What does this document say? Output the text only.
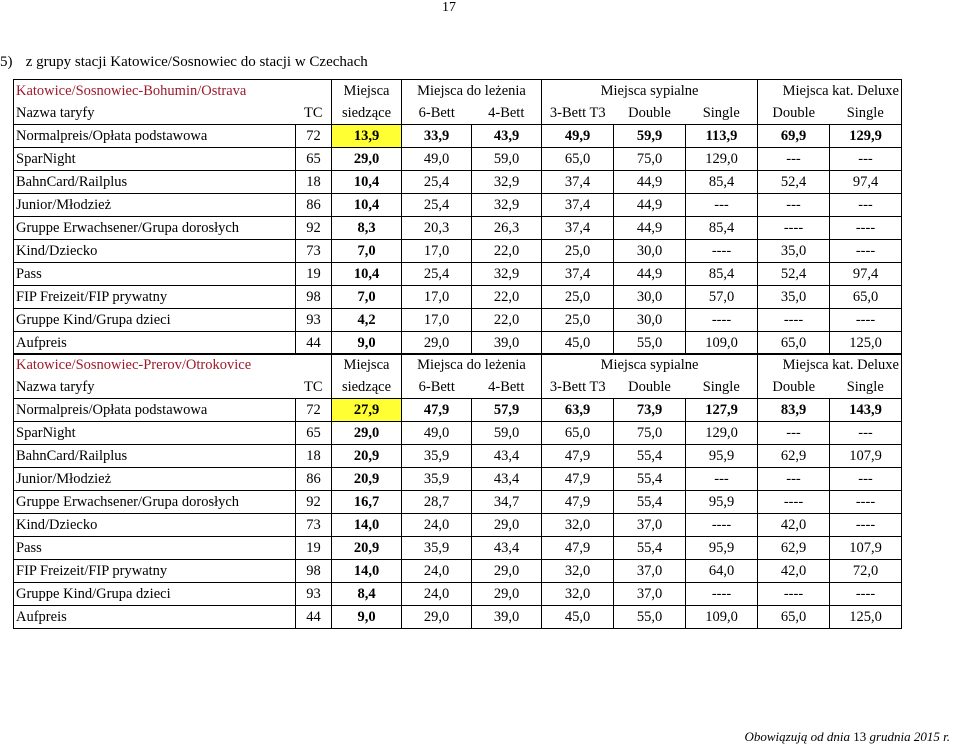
17
5) z grupy stacji Katowice/Sosnowiec do stacji w Czechach
Katowice/Sosnowiec-Bohumin/Ostrava		Miejsca	Miejsca do leżenia		Miejsca sypialne			Miejsca kat. Deluxe	
Nazwa taryfy	TC	siedzące	6-Bett	4-Bett	3-Bett T3	Double	Single	Double	Single
Normalpreis/Opłata podstawowa	72	13,9	33,9	43,9	49,9	59,9	113,9	69,9	129,9
SparNight	65	29,0	49,0	59,0	65,0	75,0	129,0	---	---
BahnCard/Railplus	18	10,4	25,4	32,9	37,4	44,9	85,4	52,4	97,4
Junior/Młodzież	86	10,4	25,4	32,9	37,4	44,9	---	---	---
Gruppe Erwachsener/Grupa dorosłych	92	8,3	20,3	26,3	37,4	44,9	85,4	----	----
Kind/Dziecko	73	7,0	17,0	22,0	25,0	30,0	----	35,0	----
Pass	19	10,4	25,4	32,9	37,4	44,9	85,4	52,4	97,4
FIP Freizeit/FIP prywatny	98	7,0	17,0	22,0	25,0	30,0	57,0	35,0	65,0
Gruppe Kind/Grupa dzieci	93	4,2	17,0	22,0	25,0	30,0	----	----	----
Aufpreis	44	9,0	29,0	39,0	45,0	55,0	109,0	65,0	125,0
Katowice/Sosnowiec-Prerov/Otrokovice		Miejsca	Miejsca do leżenia		Miejsca sypialne			Miejsca kat. Deluxe	
Nazwa taryfy	TC	siedzące	6-Bett	4-Bett	3-Bett T3	Double	Single	Double	Single
Normalpreis/Opłata podstawowa	72	27,9	47,9	57,9	63,9	73,9	127,9	83,9	143,9
SparNight	65	29,0	49,0	59,0	65,0	75,0	129,0	---	---
BahnCard/Railplus	18	20,9	35,9	43,4	47,9	55,4	95,9	62,9	107,9
Junior/Młodzież	86	20,9	35,9	43,4	47,9	55,4	---	---	---
Gruppe Erwachsener/Grupa dorosłych	92	16,7	28,7	34,7	47,9	55,4	95,9	----	----
Kind/Dziecko	73	14,0	24,0	29,0	32,0	37,0	----	42,0	----
Pass	19	20,9	35,9	43,4	47,9	55,4	95,9	62,9	107,9
FIP Freizeit/FIP prywatny	98	14,0	24,0	29,0	32,0	37,0	64,0	42,0	72,0
Gruppe Kind/Grupa dzieci	93	8,4	24,0	29,0	32,0	37,0	----	----	----
Aufpreis	44	9,0	29,0	39,0	45,0	55,0	109,0	65,0	125,0
Obowiązują od dnia 13 grudnia 2015 r.
